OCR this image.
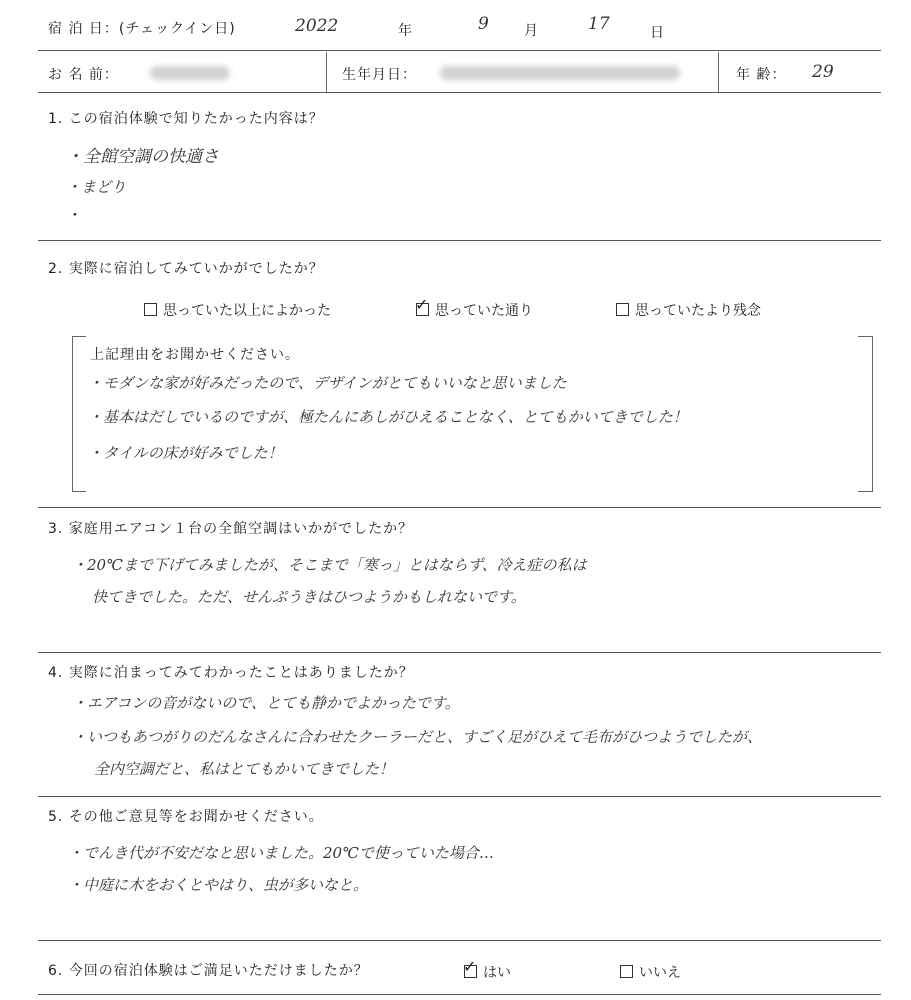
宿 泊 日：(チェックイン日)	2022	年	9	月	17	日
お 名 前：	生年月日：	年 齢： 29
1. この宿泊体験で知りたかった内容は？
・全館空調の快適さ
・まどり
・
2. 実際に宿泊してみていかがでしたか？
思っていた以上によかった	✓ 思っていた通り	思っていたより残念
上記理由をお聞かせください。
・モダンな家が好みだったので、デザインがとてもいいなと思いました
・基本はだしでいるのですが、極たんにあしがひえることなく、とてもかいてきでした！
・タイルの床が好みでした！
3. 家庭用エアコン１台の全館空調はいかがでしたか？
・20℃まで下げてみましたが、そこまで「寒っ」とはならず、冷え症の私は
快てきでした。ただ、せんぷうきはひつようかもしれないです。
4. 実際に泊まってみてわかったことはありましたか？
・エアコンの音がないので、とても静かでよかったです。
・いつもあつがりのだんなさんに合わせたクーラーだと、すごく足がひえて毛布がひつようでしたが、
全内空調だと、私はとてもかいてきでした！
5. その他ご意見等をお聞かせください。
・でんき代が不安だなと思いました。20℃で使っていた場合…
・中庭に木をおくとやはり、虫が多いなと。
6. 今回の宿泊体験はご満足いただけましたか？	✓ はい	いいえ
